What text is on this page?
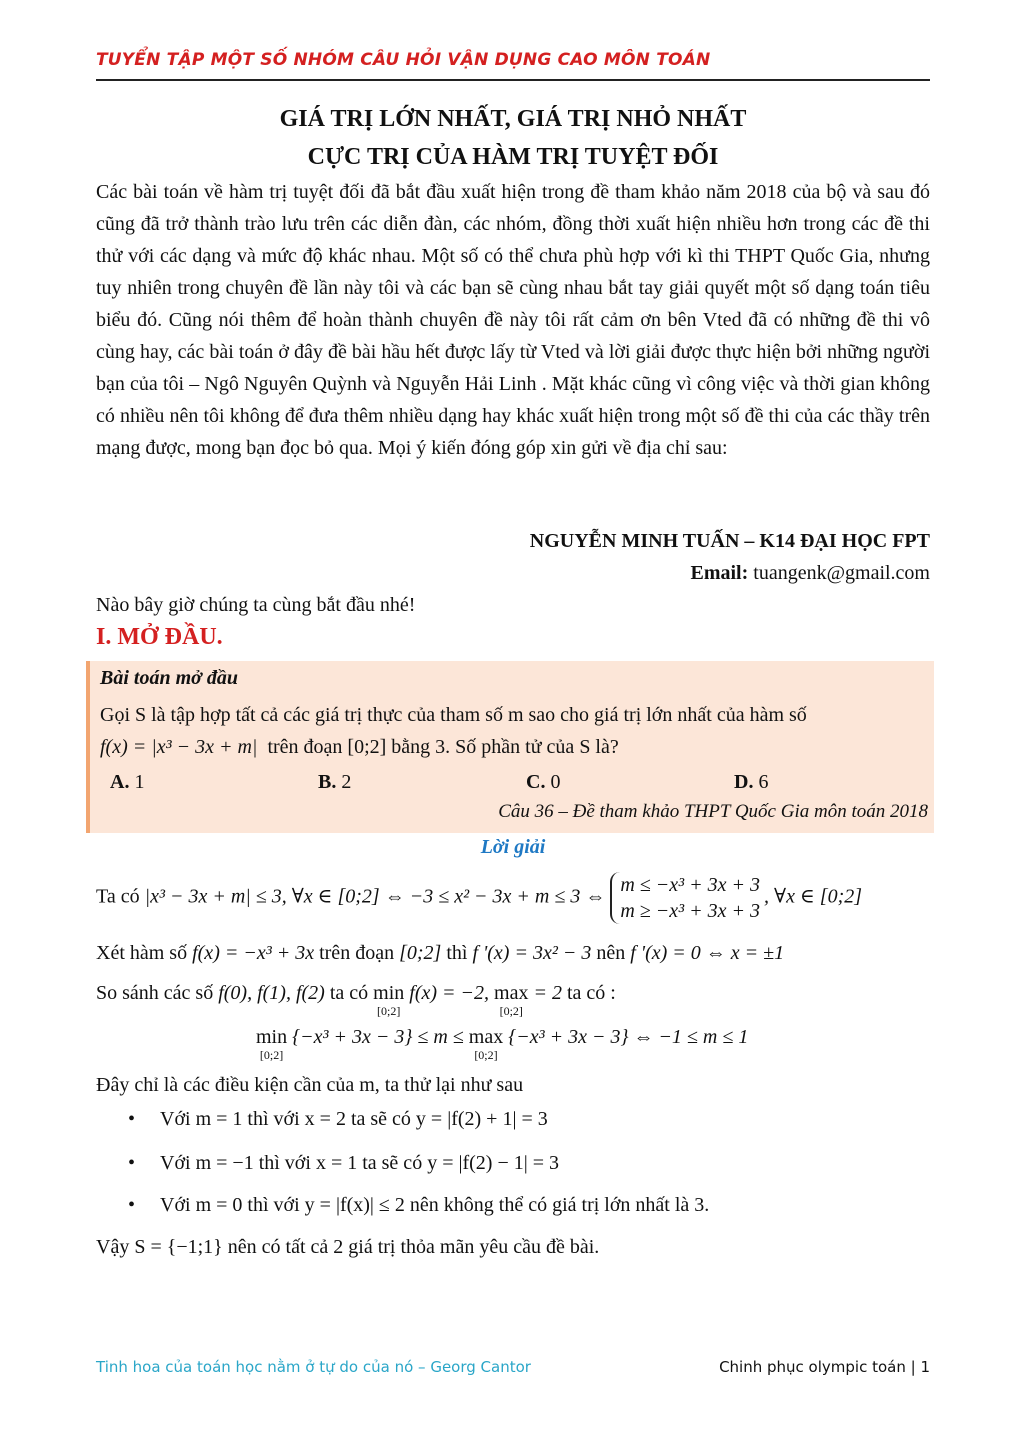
TUYỂN TẬP MỘT SỐ NHÓM CÂU HỎI VẬN DỤNG CAO MÔN TOÁN
GIÁ TRỊ LỚN NHẤT, GIÁ TRỊ NHỎ NHẤT
CỰC TRỊ CỦA HÀM TRỊ TUYỆT ĐỐI
Các bài toán về hàm trị tuyệt đối đã bắt đầu xuất hiện trong đề tham khảo năm 2018 của bộ và sau đó cũng đã trở thành trào lưu trên các diễn đàn, các nhóm, đồng thời xuất hiện nhiều hơn trong các đề thi thử với các dạng và mức độ khác nhau. Một số có thể chưa phù hợp với kì thi THPT Quốc Gia, nhưng tuy nhiên trong chuyên đề lần này tôi và các bạn sẽ cùng nhau bắt tay giải quyết một số dạng toán tiêu biểu đó. Cũng nói thêm để hoàn thành chuyên đề này tôi rất cảm ơn bên Vted đã có những đề thi vô cùng hay, các bài toán ở đây đề bài hầu hết được lấy từ Vted và lời giải được thực hiện bởi những người bạn của tôi – Ngô Nguyên Quỳnh và Nguyễn Hải Linh . Mặt khác cũng vì công việc và thời gian không có nhiều nên tôi không để đưa thêm nhiều dạng hay khác xuất hiện trong một số đề thi của các thầy trên mạng được, mong bạn đọc bỏ qua. Mọi ý kiến đóng góp xin gửi về địa chỉ sau:
NGUYỄN MINH TUẤN – K14 ĐẠI HỌC FPT
Email: tuangenk@gmail.com
Nào bây giờ chúng ta cùng bắt đầu nhé!
I. MỞ ĐẦU.
Bài toán mở đầu
Gọi S là tập hợp tất cả các giá trị thực của tham số m sao cho giá trị lớn nhất của hàm số
f(x) = |x³ − 3x + m| trên đoạn [0;2] bằng 3. Số phần tử của S là?
A. 1	B. 2	C. 0	D. 6
Câu 36 – Đề tham khảo THPT Quốc Gia môn toán 2018
Lời giải
Ta có |x³ − 3x + m| ≤ 3, ∀x ∈ [0;2] ⇔ −3 ≤ x² − 3x + m ≤ 3 ⇔ m ≤ −x³ + 3x + 3
m ≥ −x³ + 3x + 3, ∀x ∈ [0;2]
Xét hàm số f(x) = −x³ + 3x trên đoạn [0;2] thì f '(x) = 3x² − 3 nên f '(x) = 0 ⇔ x = ±1
So sánh các số f(0), f(1), f(2) ta có min
[0;2]
f(x) = −2, max
[0;2]
= 2 ta có :
min
[0;2]
{−x³ + 3x − 3} ≤ m ≤ max
[0;2]
{−x³ + 3x − 3} ⇔ −1 ≤ m ≤ 1
Đây chỉ là các điều kiện cần của m, ta thử lại như sau
• Với m = 1 thì với x = 2 ta sẽ có y = |f(2) + 1| = 3
• Với m = −1 thì với x = 1 ta sẽ có y = |f(2) − 1| = 3
• Với m = 0 thì với y = |f(x)| ≤ 2 nên không thể có giá trị lớn nhất là 3.
Vậy S = {−1;1} nên có tất cả 2 giá trị thỏa mãn yêu cầu đề bài.
Tinh hoa của toán học nằm ở tự do của nó – Georg Cantor	Chinh phục olympic toán | 1
